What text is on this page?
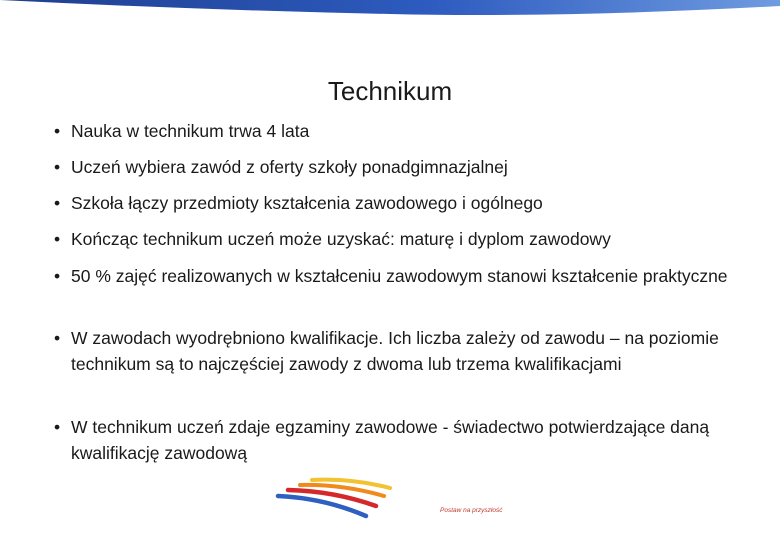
Technikum
• Nauka w technikum trwa 4 lata
• Uczeń wybiera zawód z oferty szkoły ponadgimnazjalnej
• Szkoła łączy przedmioty kształcenia zawodowego i ogólnego
• Kończąc technikum uczeń może uzyskać: maturę i dyplom zawodowy
• 50 % zajęć realizowanych w kształceniu zawodowym stanowi kształcenie praktyczne
• W zawodach wyodrębniono kwalifikacje. Ich liczba zależy od zawodu – na poziomie technikum są to najczęściej zawody z dwoma lub trzema kwalifikacjami
• W technikum uczeń zdaje egzaminy zawodowe - świadectwo potwierdzające daną kwalifikację zawodową
Postaw na przyszłość
